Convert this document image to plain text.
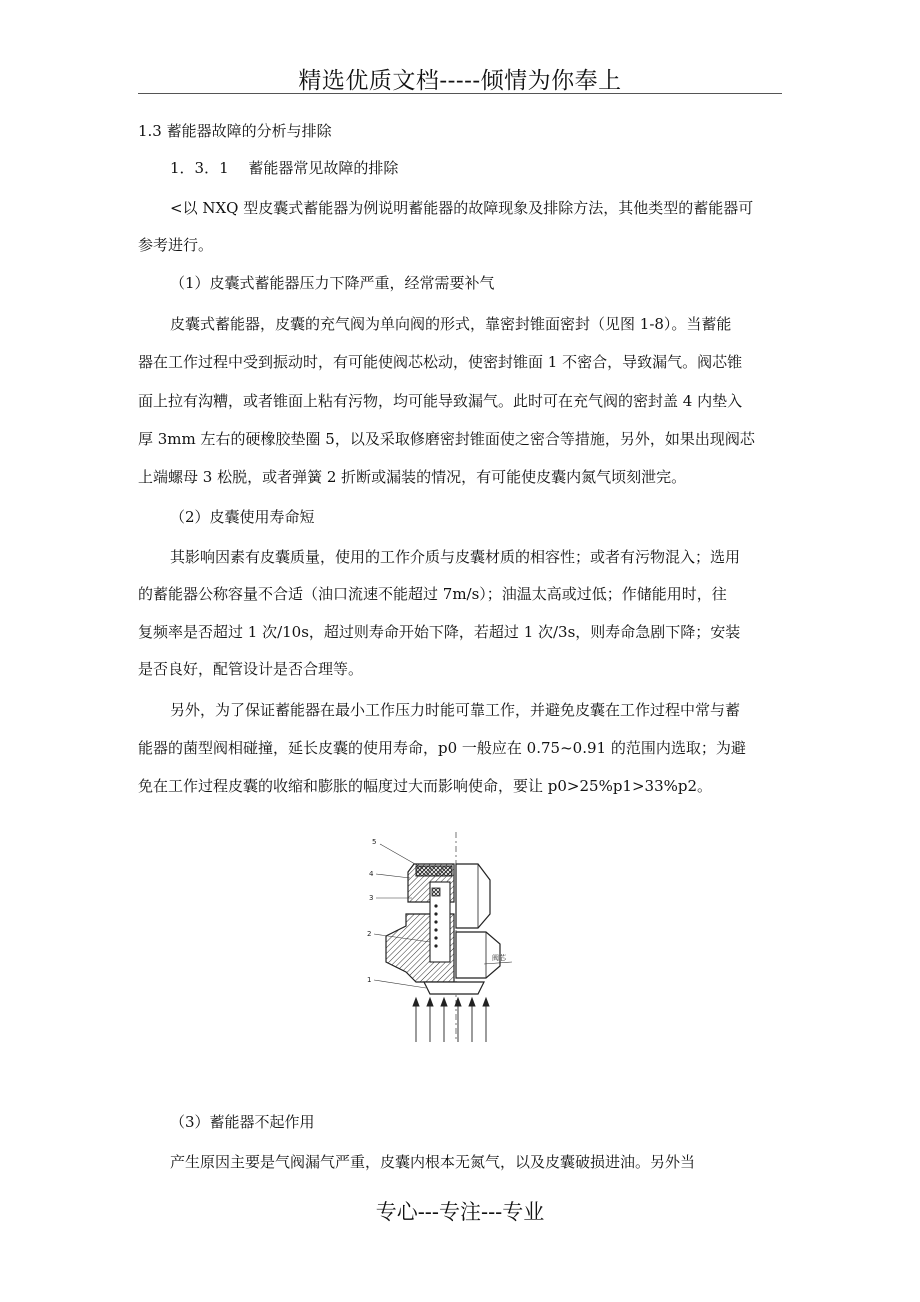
精选优质文档-----倾情为你奉上
1.3 蓄能器故障的分析与排除
1．3．1　 蓄能器常见故障的排除
<以 NXQ 型皮囊式蓄能器为例说明蓄能器的故障现象及排除方法，其他类型的蓄能器可
参考进行。
（1）皮囊式蓄能器压力下降严重，经常需要补气
皮囊式蓄能器，皮囊的充气阀为单向阀的形式，靠密封锥面密封（见图 1-8）。当蓄能
器在工作过程中受到振动时，有可能使阀芯松动，使密封锥面 1 不密合，导致漏气。阀芯锥
面上拉有沟糟，或者锥面上粘有污物，均可能导致漏气。此时可在充气阀的密封盖 4 内垫入
厚 3mm 左右的硬橡胶垫圈 5，以及采取修磨密封锥面使之密合等措施，另外，如果出现阀芯
上端螺母 3 松脱，或者弹簧 2 折断或漏装的情况，有可能使皮囊内氮气顷刻泄完。
（2）皮囊使用寿命短
其影响因素有皮囊质量，使用的工作介质与皮囊材质的相容性；或者有污物混入；选用
的蓄能器公称容量不合适（油口流速不能超过 7m/s）；油温太高或过低；作储能用时，往
复频率是否超过 1 次/10s，超过则寿命开始下降，若超过 1 次/3s，则寿命急剧下降；安装
是否良好，配管设计是否合理等。
另外，为了保证蓄能器在最小工作压力时能可靠工作，并避免皮囊在工作过程中常与蓄
能器的菌型阀相碰撞，延长皮囊的使用寿命，p0 一般应在 0.75~0.91 的范围内选取；为避
免在工作过程皮囊的收缩和膨胀的幅度过大而影响使命，要让 p0>25%p1>33%p2。
5
4
3
2
1
阀芯
（3）蓄能器不起作用
产生原因主要是气阀漏气严重，皮囊内根本无氮气，以及皮囊破损进油。另外当
专心---专注---专业
